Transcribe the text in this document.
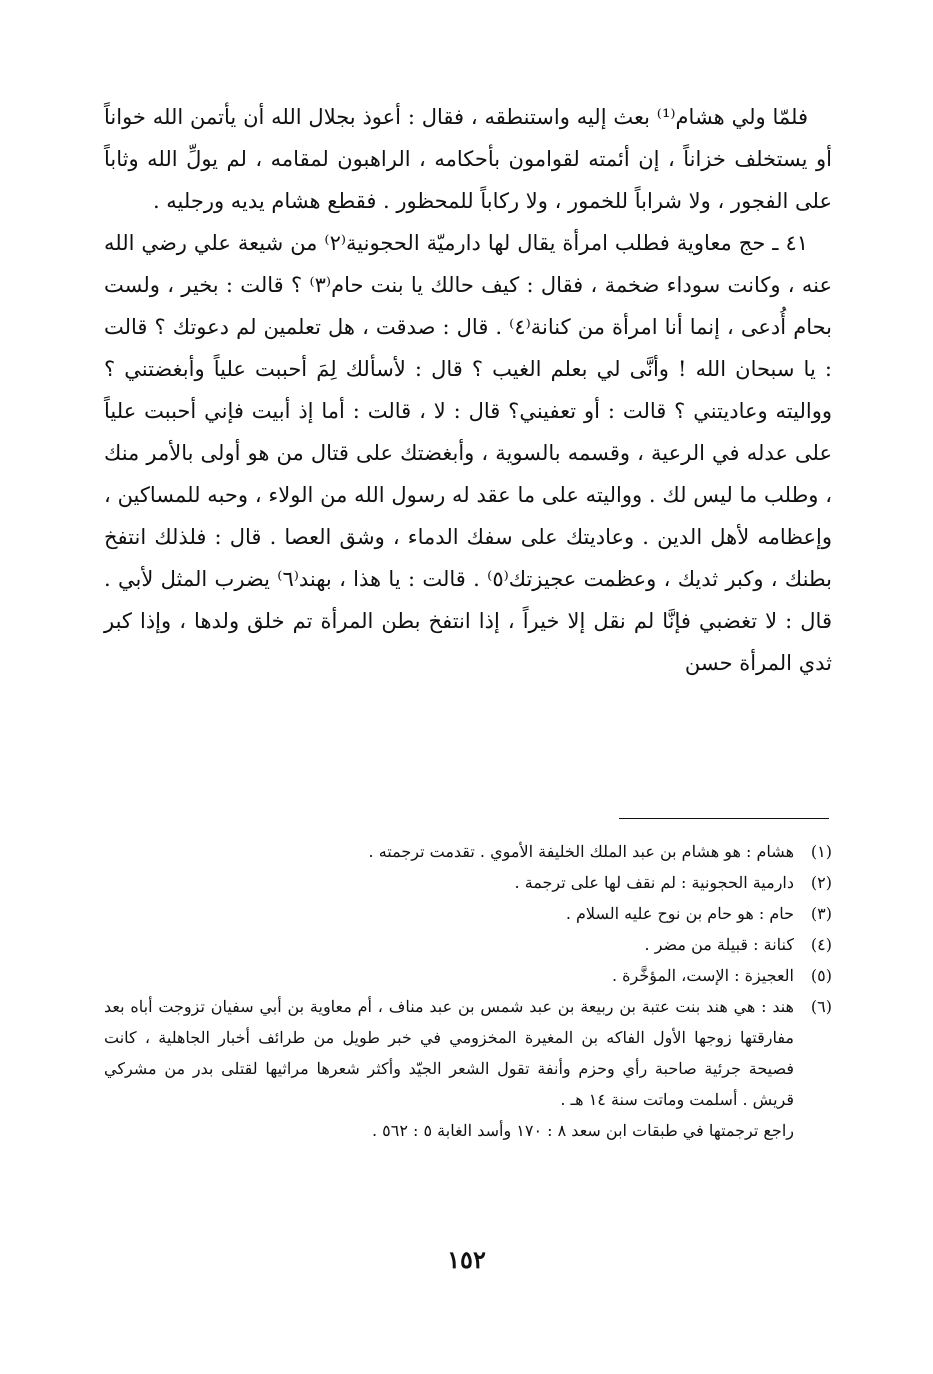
فلمّا ولي هشام⁽¹⁾ بعث إليه واستنطقه ، فقال : أعوذ بجلال الله أن يأتمن الله خواناً أو يستخلف خزاناً ، إن أئمته لقوامون بأحكامه ، الراهبون لمقامه ، لم يولِّ الله وثاباً على الفجور ، ولا شراباً للخمور ، ولا ركاباً للمحظور . فقطع هشام يديه ورجليه .

٤١ ـ حج معاوية فطلب امرأة يقال لها دارميّة الحجونية⁽٢⁾ من شيعة علي رضي الله عنه ، وكانت سوداء ضخمة ، فقال : كيف حالك يا بنت حام⁽٣⁾ ؟ قالت : بخير ، ولست بحام أُدعى ، إنما أنا امرأة من كنانة⁽٤⁾ . قال : صدقت ، هل تعلمين لم دعوتك ؟ قالت : يا سبحان الله ! وأنَّى لي بعلم الغيب ؟ قال : لأسألك لِمَ أحببت علياً وأبغضتني ؟ وواليته وعاديتني ؟ قالت : أو تعفيني؟ قال : لا ، قالت : أما إذ أبيت فإني أحببت علياً على عدله في الرعية ، وقسمه بالسوية ، وأبغضتك على قتال من هو أولى بالأمر منك ، وطلب ما ليس لك . وواليته على ما عقد له رسول الله من الولاء ، وحبه للمساكين ، وإعظامه لأهل الدين . وعاديتك على سفك الدماء ، وشق العصا . قال : فلذلك انتفخ بطنك ، وكبر ثديك ، وعظمت عجيزتك⁽٥⁾ . قالت : يا هذا ، بهند⁽٦⁾ يضرب المثل لأبي . قال : لا تغضبي فإنَّا لم نقل إلا خيراً ، إذا انتفخ بطن المرأة تم خلق ولدها ، وإذا كبر ثدي المرأة حسن

(١)
هشام : هو هشام بن عبد الملك الخليفة الأموي . تقدمت ترجمته .
(٢)
دارمية الحجونية : لم نقف لها على ترجمة .
(٣)
حام : هو حام بن نوح عليه السلام .
(٤)
كنانة : قبيلة من مضر .
(٥)
العجيزة : الإست، المؤخَّرة .
(٦)
هند : هي هند بنت عتبة بن ربيعة بن عبد شمس بن عبد مناف ، أم معاوية بن أبي سفيان تزوجت أباه بعد مفارقتها زوجها الأول الفاكه بن المغيرة المخزومي في خبر طويل من طرائف أخبار الجاهلية ، كانت فصيحة جرئية صاحبة رأي وحزم وأنفة تقول الشعر الجيّد وأكثر شعرها مراثيها لقتلى بدر من مشركي قريش . أسلمت وماتت سنة ١٤ هـ .
راجع ترجمتها في طبقات ابن سعد ٨ : ١٧٠ وأسد الغابة ٥ : ٥٦٢ .
١٥٢
